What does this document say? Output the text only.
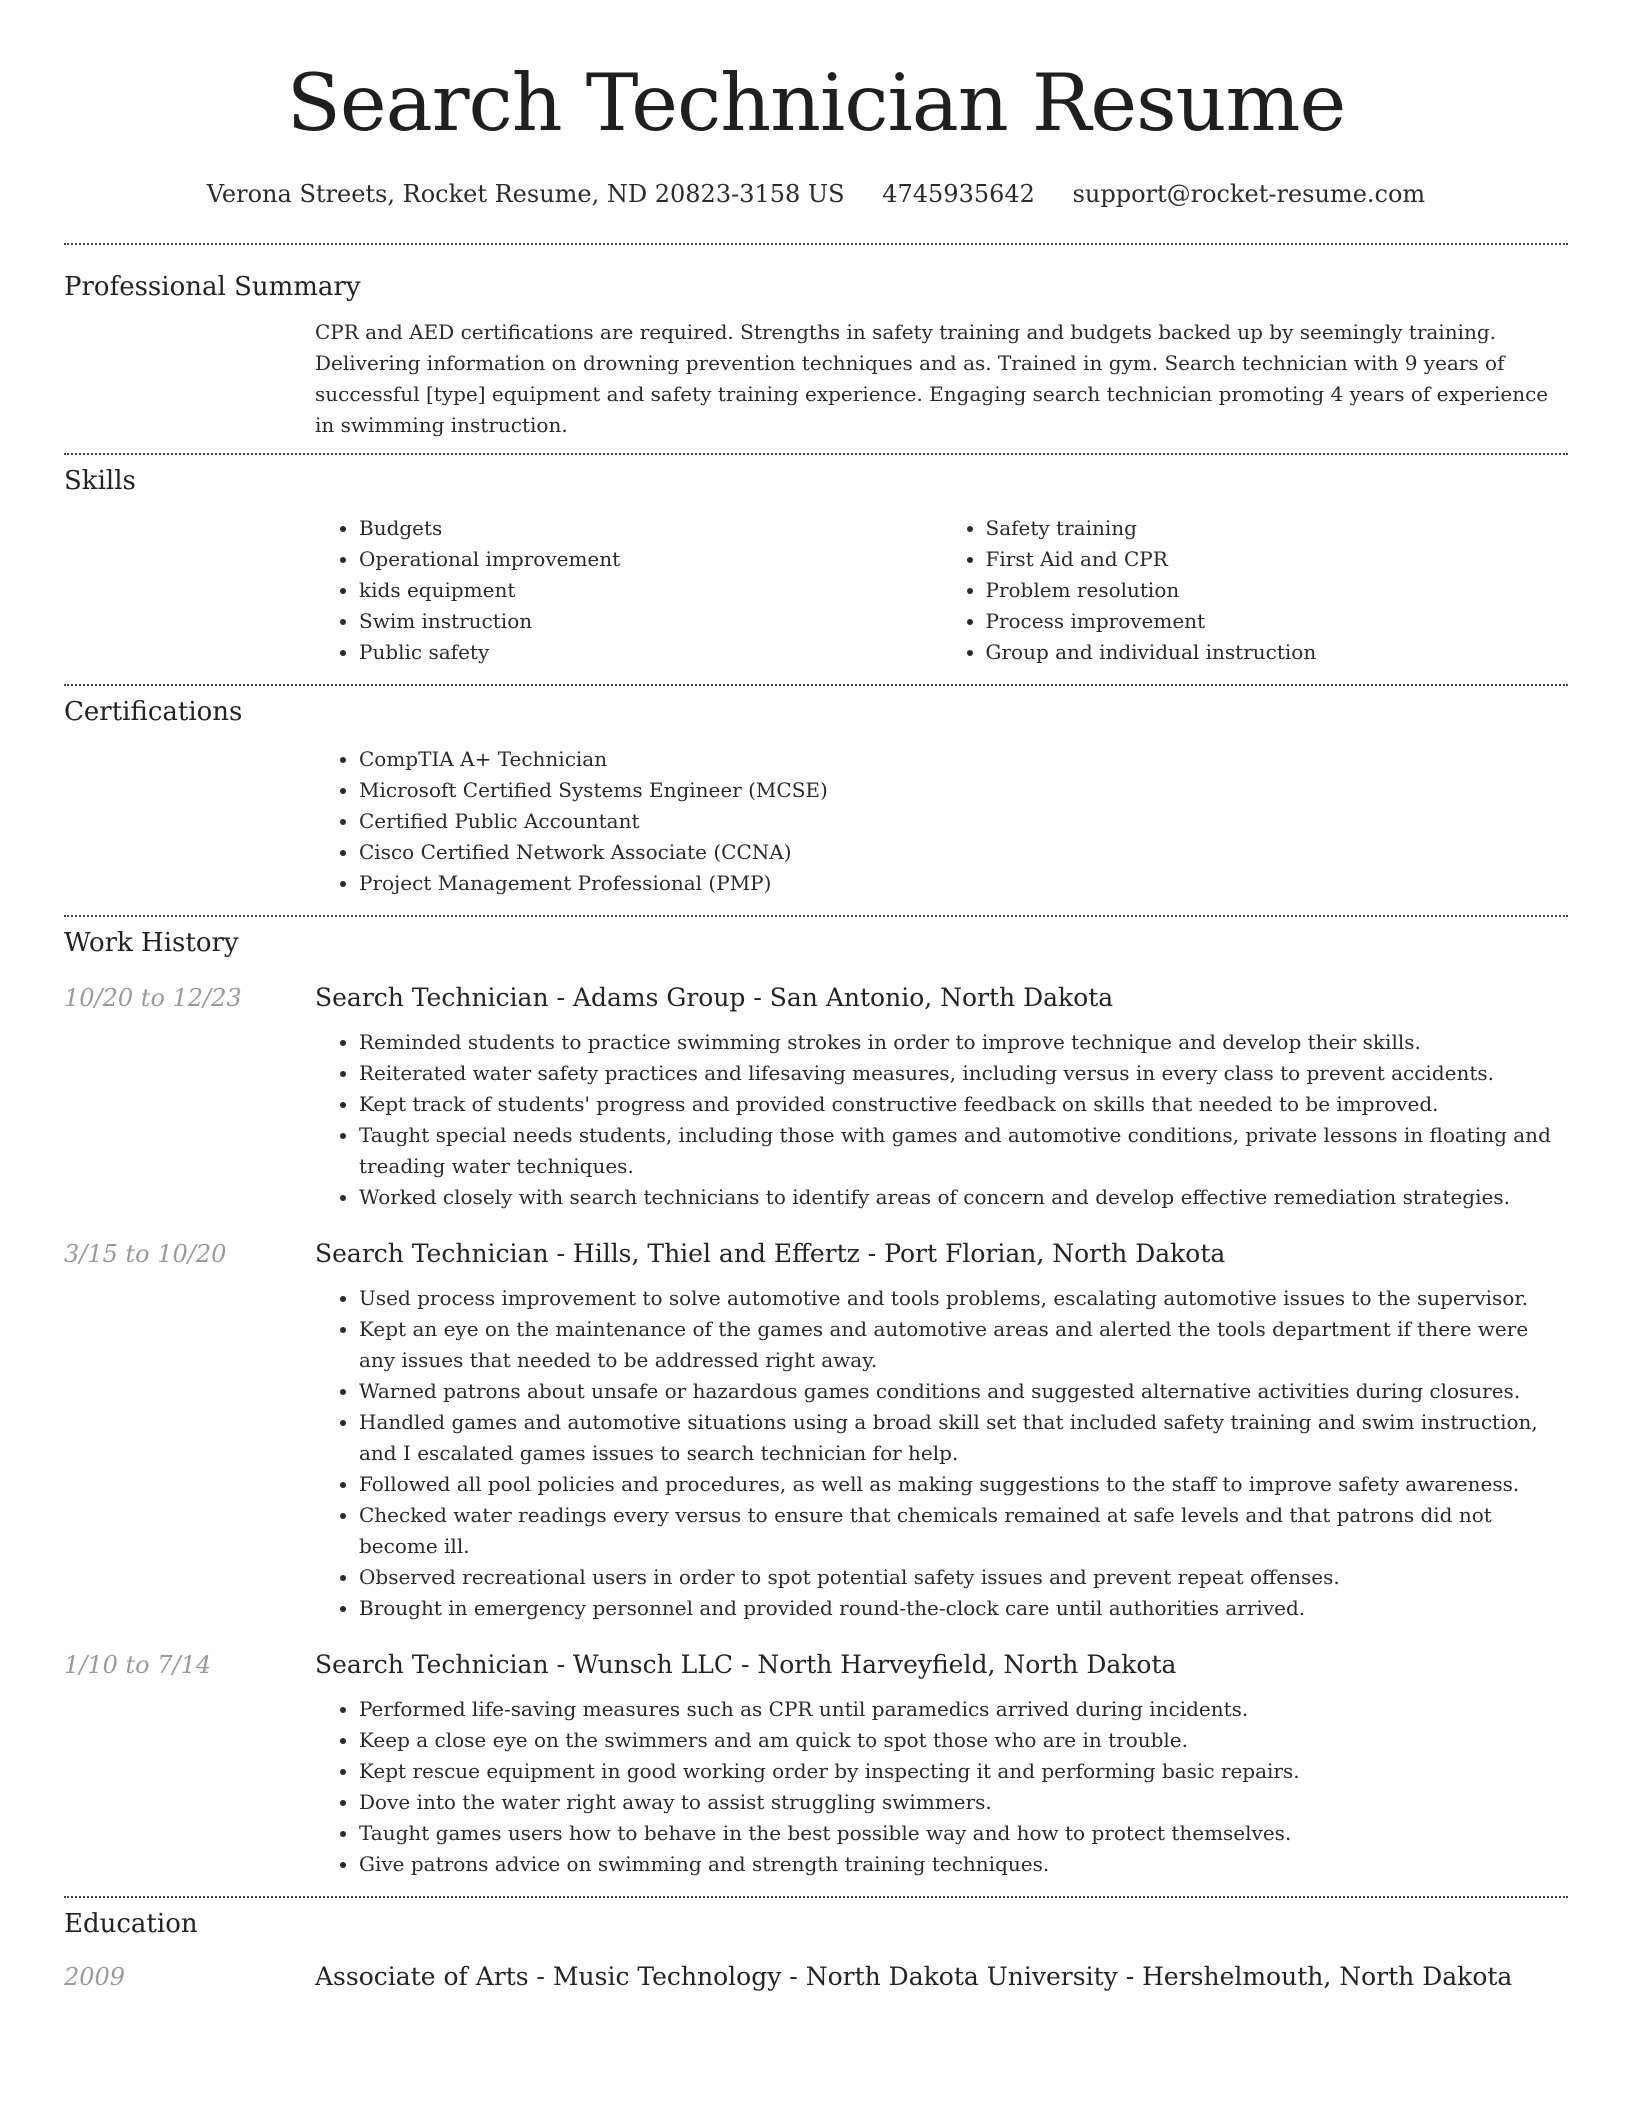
Search Technician Resume
Verona Streets, Rocket Resume, ND 20823-3158 US 4745935642 support@rocket-resume.com
Professional Summary
CPR and AED certifications are required. Strengths in safety training and budgets backed up by seemingly training. Delivering information on drowning prevention techniques and as. Trained in gym. Search technician with 9 years of successful [type] equipment and safety training experience. Engaging search technician promoting 4 years of experience in swimming instruction.
Skills
• Budgets
• Operational improvement
• kids equipment
• Swim instruction
• Public safety
• Safety training
• First Aid and CPR
• Problem resolution
• Process improvement
• Group and individual instruction
Certifications
• CompTIA A+ Technician
• Microsoft Certified Systems Engineer (MCSE)
• Certified Public Accountant
• Cisco Certified Network Associate (CCNA)
• Project Management Professional (PMP)
Work History
10/20 to 12/23	Search Technician - Adams Group - San Antonio, North Dakota
• Reminded students to practice swimming strokes in order to improve technique and develop their skills.
• Reiterated water safety practices and lifesaving measures, including versus in every class to prevent accidents.
• Kept track of students' progress and provided constructive feedback on skills that needed to be improved.
• Taught special needs students, including those with games and automotive conditions, private lessons in floating and treading water techniques.
• Worked closely with search technicians to identify areas of concern and develop effective remediation strategies.
3/15 to 10/20	Search Technician - Hills, Thiel and Effertz - Port Florian, North Dakota
• Used process improvement to solve automotive and tools problems, escalating automotive issues to the supervisor.
• Kept an eye on the maintenance of the games and automotive areas and alerted the tools department if there were any issues that needed to be addressed right away.
• Warned patrons about unsafe or hazardous games conditions and suggested alternative activities during closures.
• Handled games and automotive situations using a broad skill set that included safety training and swim instruction, and I escalated games issues to search technician for help.
• Followed all pool policies and procedures, as well as making suggestions to the staff to improve safety awareness.
• Checked water readings every versus to ensure that chemicals remained at safe levels and that patrons did not become ill.
• Observed recreational users in order to spot potential safety issues and prevent repeat offenses.
• Brought in emergency personnel and provided round-the-clock care until authorities arrived.
1/10 to 7/14	Search Technician - Wunsch LLC - North Harveyfield, North Dakota
• Performed life-saving measures such as CPR until paramedics arrived during incidents.
• Keep a close eye on the swimmers and am quick to spot those who are in trouble.
• Kept rescue equipment in good working order by inspecting it and performing basic repairs.
• Dove into the water right away to assist struggling swimmers.
• Taught games users how to behave in the best possible way and how to protect themselves.
• Give patrons advice on swimming and strength training techniques.
Education
2009	Associate of Arts - Music Technology - North Dakota University - Hershelmouth, North Dakota
